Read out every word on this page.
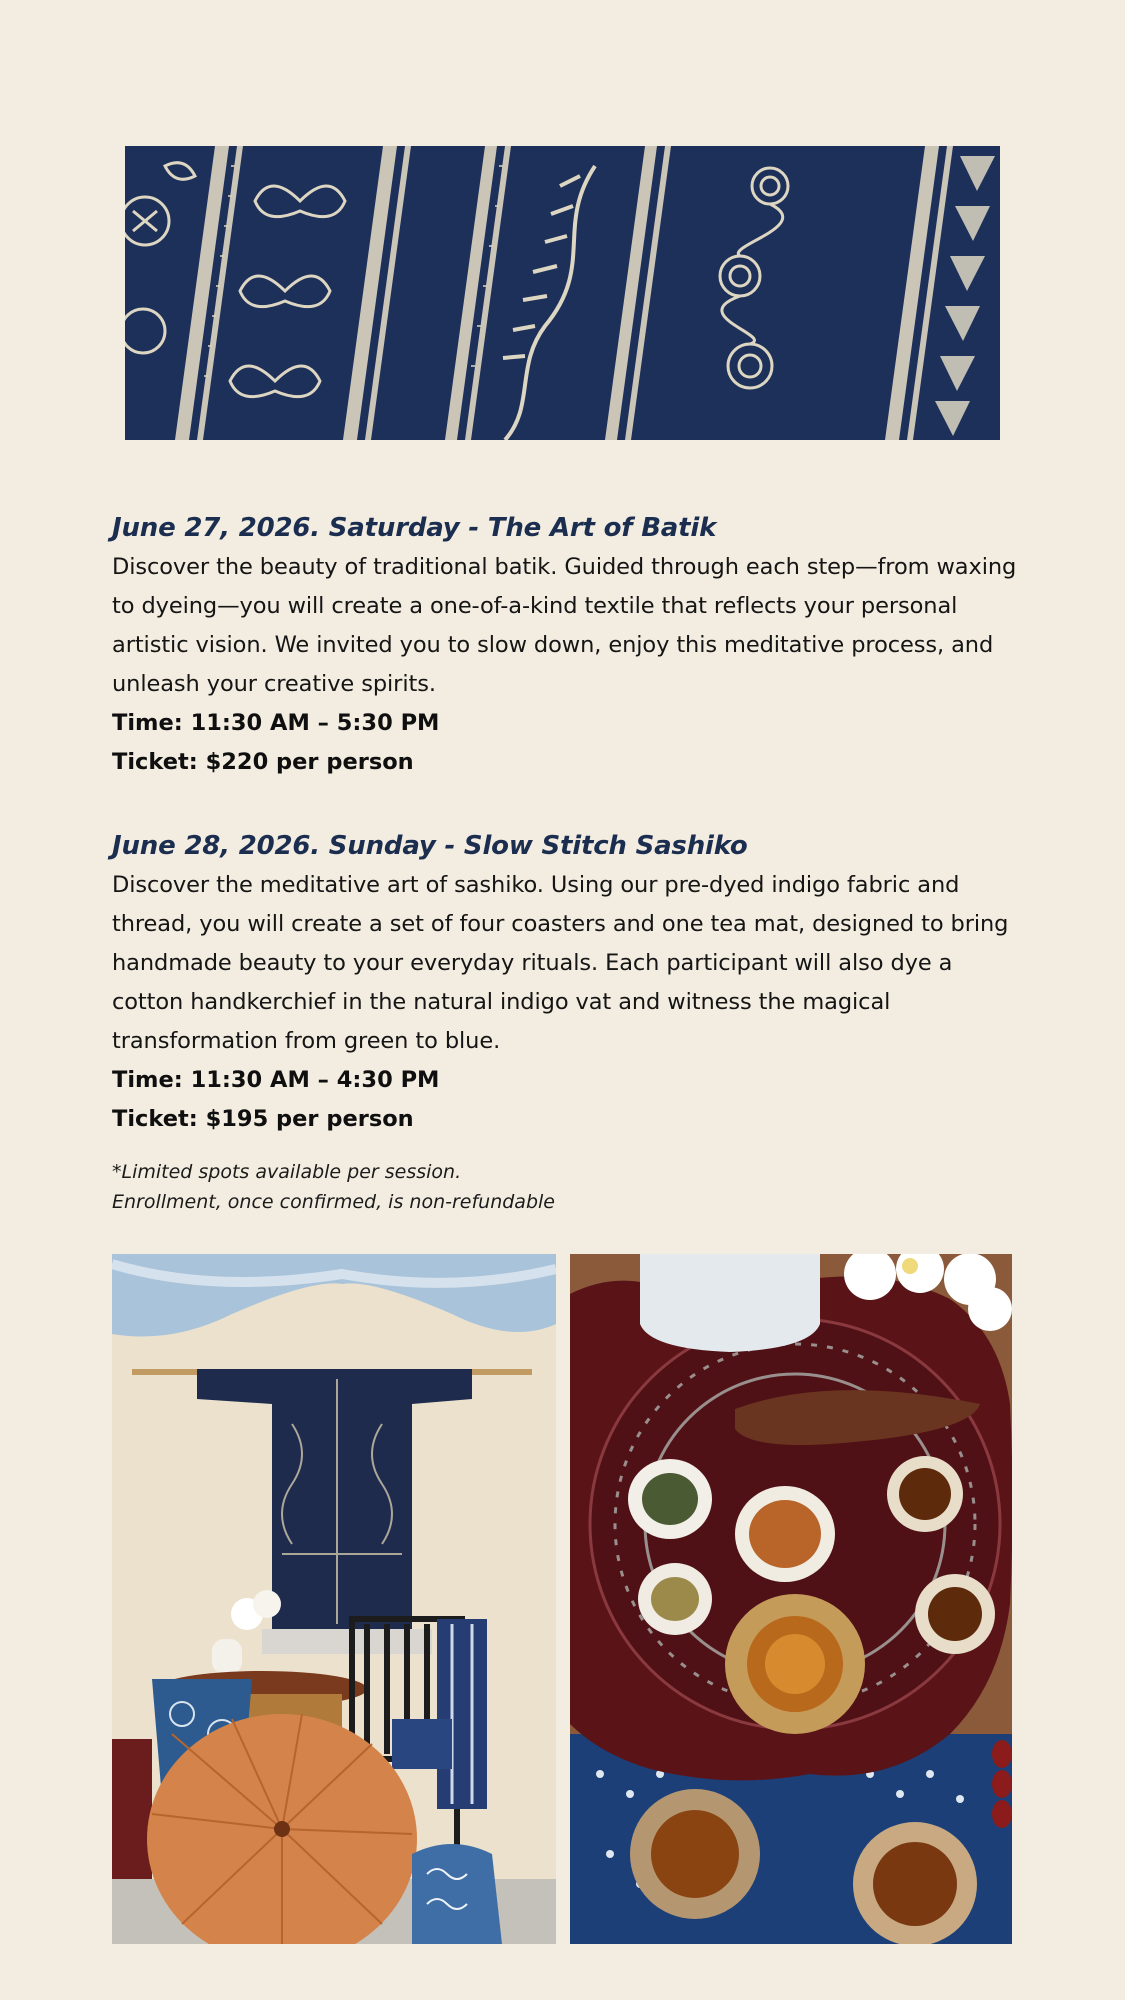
June 27, 2026. Saturday - The Art of Batik

Discover the beauty of traditional batik. Guided through each step—from waxing to dyeing—you will create a one-of-a-kind textile that reflects your personal artistic vision. We invited you to slow down, enjoy this meditative process, and unleash your creative spirits.

Time: 11:30 AM – 5:30 PM

Ticket: $220 per person

June 28, 2026. Sunday - Slow Stitch Sashiko

Discover the meditative art of sashiko. Using our pre-dyed indigo fabric and thread, you will create a set of four coasters and one tea mat, designed to bring handmade beauty to your everyday rituals. Each participant will also dye a cotton handkerchief in the natural indigo vat and witness the magical transformation from green to blue.

Time: 11:30 AM – 4:30 PM

Ticket: $195 per person

*Limited spots available per session.

Enrollment, once confirmed, is non-refundable
